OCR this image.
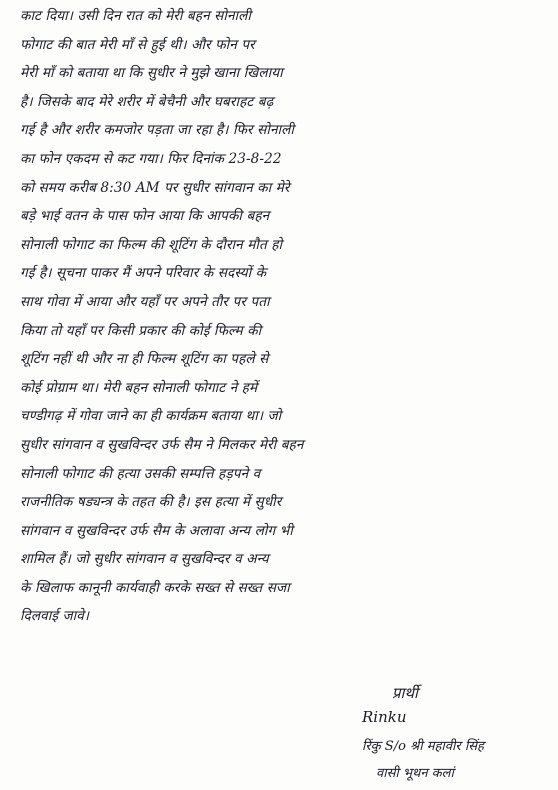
काट दिया। उसी दिन रात को मेरी बहन सोनाली
फोगाट की बात मेरी माँ से हुई थी। और फोन पर
मेरी माँ को बताया था कि सुधीर ने मुझे खाना खिलाया
है। जिसके बाद मेरे शरीर में बेचैनी और घबराहट बढ़
गई है और शरीर कमजोर पड़ता जा रहा है। फिर सोनाली
का फोन एकदम से कट गया। फिर दिनांक 23-8-22
को समय करीब 8:30 AM पर सुधीर सांगवान का मेरे
बड़े भाई वतन के पास फोन आया कि आपकी बहन
सोनाली फोगाट का फिल्म की शूटिंग के दौरान मौत हो
गई है। सूचना पाकर मैं अपने परिवार के सदस्यों के
साथ गोवा में आया और यहाँ पर अपने तौर पर पता
किया तो यहाँ पर किसी प्रकार की कोई फिल्म की
शूटिंग नहीं थी और ना ही फिल्म शूटिंग का पहले से
कोई प्रोग्राम था। मेरी बहन सोनाली फोगाट ने हमें
चण्डीगढ़ में गोवा जाने का ही कार्यक्रम बताया था। जो
सुधीर सांगवान व सुखविन्दर उर्फ सैम ने मिलकर मेरी बहन
सोनाली फोगाट की हत्या उसकी सम्पत्ति हड़पने व
राजनीतिक षड्यन्त्र के तहत की है। इस हत्या में सुधीर
सांगवान व सुखविन्दर उर्फ सैम के अलावा अन्य लोग भी
शामिल हैं। जो सुधीर सांगवान व सुखविन्दर व अन्य
के खिलाफ कानूनी कार्यवाही करके सख्त से सख्त सजा
दिलवाई जावे।
प्रार्थी
Rinku
रिंकु S/o श्री महावीर सिंह
वासी भूथन कलां
